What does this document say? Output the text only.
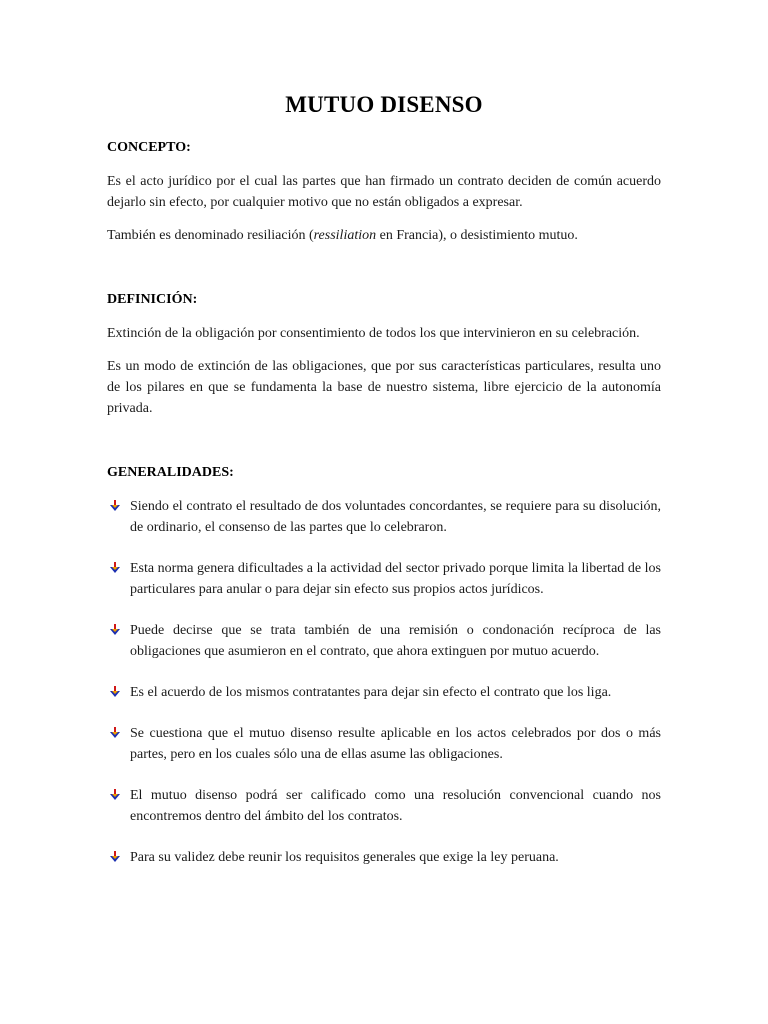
MUTUO DISENSO
CONCEPTO:

Es el acto jurídico por el cual las partes que han firmado un contrato deciden de común acuerdo dejarlo sin efecto, por cualquier motivo que no están obligados a expresar.

También es denominado resiliación (ressiliation en Francia), o desistimiento mutuo.

DEFINICIÓN:

Extinción de la obligación por consentimiento de todos los que intervinieron en su celebración.

Es un modo de extinción de las obligaciones, que por sus características particulares, resulta uno de los pilares en que se fundamenta la base de nuestro sistema, libre ejercicio de la autonomía privada.

GENERALIDADES:
Siendo el contrato el resultado de dos voluntades concordantes, se requiere para su disolución, de ordinario, el consenso de las partes que lo celebraron.
Esta norma genera dificultades a la actividad del sector privado porque limita la libertad de los particulares para anular o para dejar sin efecto sus propios actos jurídicos.
Puede decirse que se trata también de una remisión o condonación recíproca de las obligaciones que asumieron en el contrato, que ahora extinguen por mutuo acuerdo.
Es el acuerdo de los mismos contratantes para dejar sin efecto el contrato que los liga.
Se cuestiona que el mutuo disenso resulte aplicable en los actos celebrados por dos o más partes, pero en los cuales sólo una de ellas asume las obligaciones.
El mutuo disenso podrá ser calificado como una resolución convencional cuando nos encontremos dentro del ámbito del los contratos.
Para su validez debe reunir los requisitos generales que exige la ley peruana.
